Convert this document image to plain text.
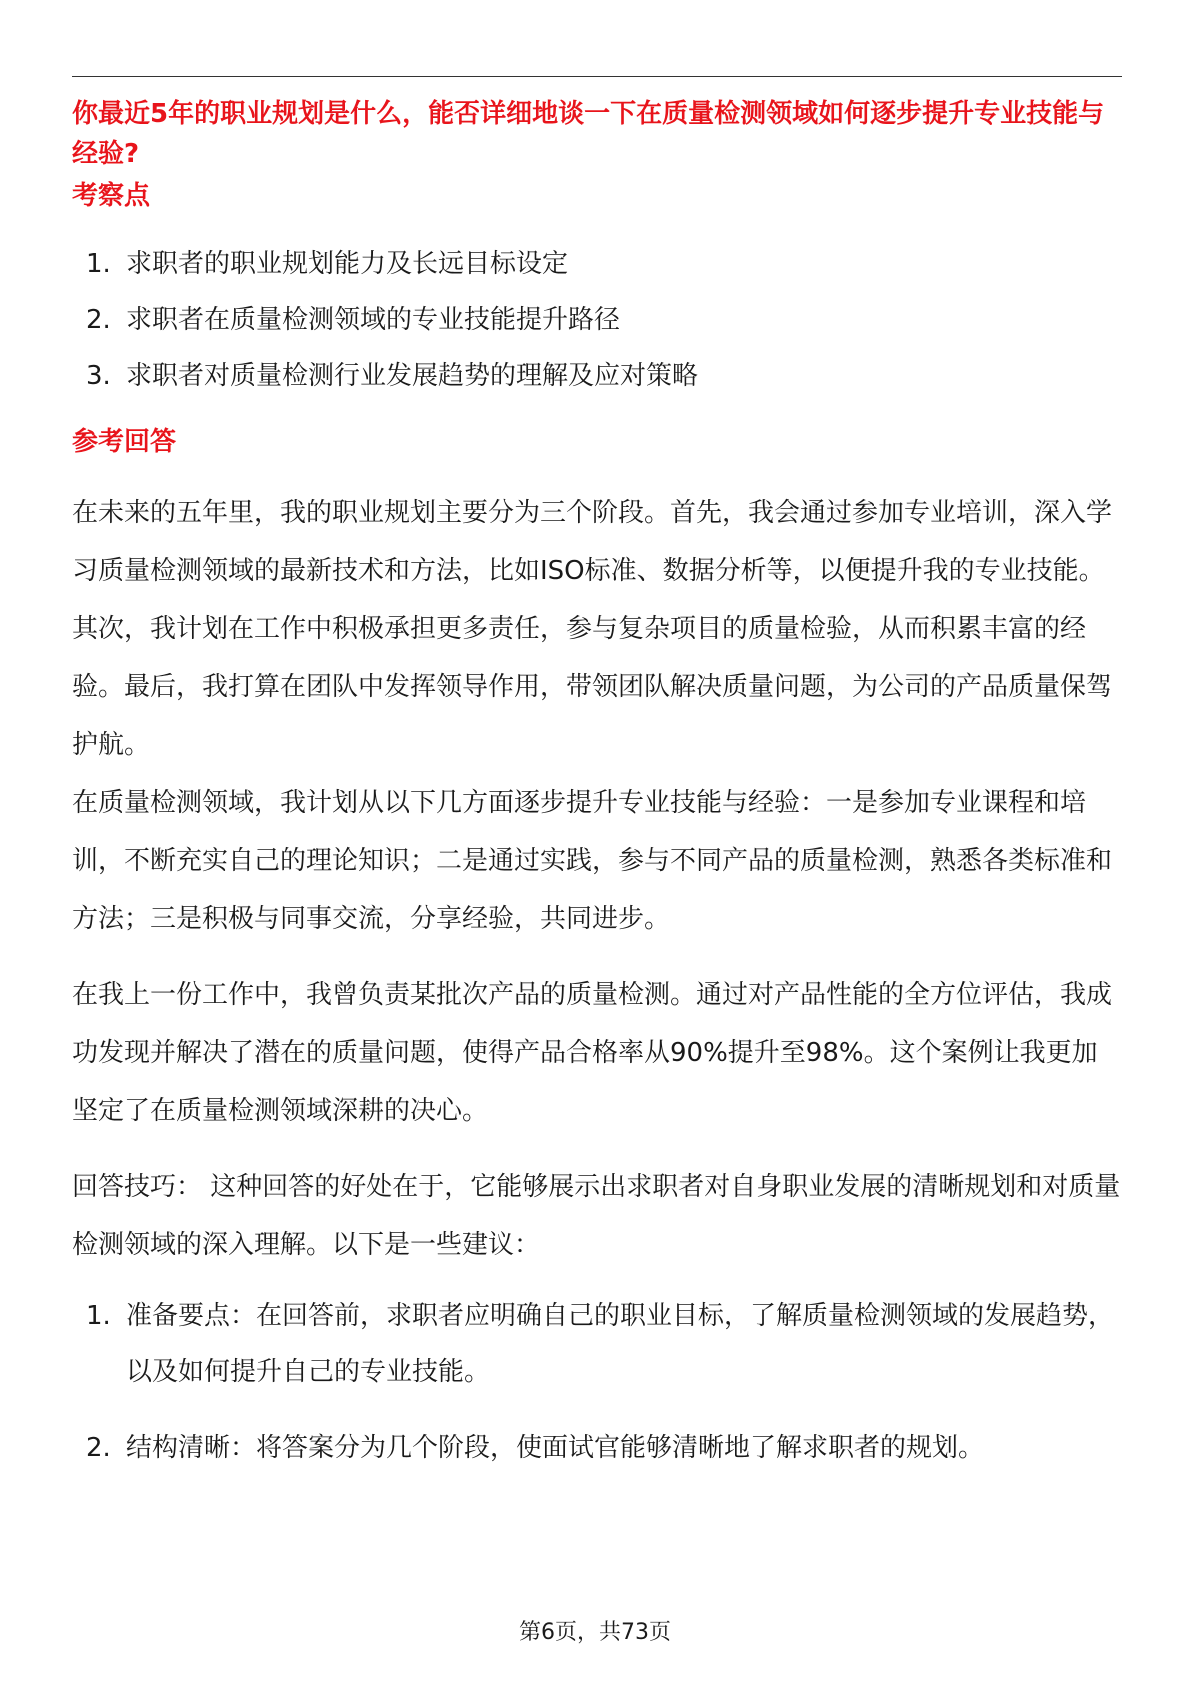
你最近5年的职业规划是什么，能否详细地谈一下在质量检测领域如何逐步提升专业技能与经验?
考察点
1. 求职者的职业规划能力及长远目标设定
2. 求职者在质量检测领域的专业技能提升路径
3. 求职者对质量检测行业发展趋势的理解及应对策略
参考回答

在未来的五年里，我的职业规划主要分为三个阶段。首先，我会通过参加专业培训，深入学习质量检测领域的最新技术和方法，比如ISO标准、数据分析等，以便提升我的专业技能。其次，我计划在工作中积极承担更多责任，参与复杂项目的质量检验，从而积累丰富的经验。最后，我打算在团队中发挥领导作用，带领团队解决质量问题，为公司的产品质量保驾护航。

在质量检测领域，我计划从以下几方面逐步提升专业技能与经验：一是参加专业课程和培训，不断充实自己的理论知识；二是通过实践，参与不同产品的质量检测，熟悉各类标准和方法；三是积极与同事交流，分享经验，共同进步。

在我上一份工作中，我曾负责某批次产品的质量检测。通过对产品性能的全方位评估，我成功发现并解决了潜在的质量问题，使得产品合格率从90%提升至98%。这个案例让我更加坚定了在质量检测领域深耕的决心。

回答技巧： 这种回答的好处在于，它能够展示出求职者对自身职业发展的清晰规划和对质量检测领域的深入理解。以下是一些建议：

1. 准备要点：在回答前，求职者应明确自己的职业目标，了解质量检测领域的发展趋势，以及如何提升自己的专业技能。
2. 结构清晰：将答案分为几个阶段，使面试官能够清晰地了解求职者的规划。
第6页，共73页
